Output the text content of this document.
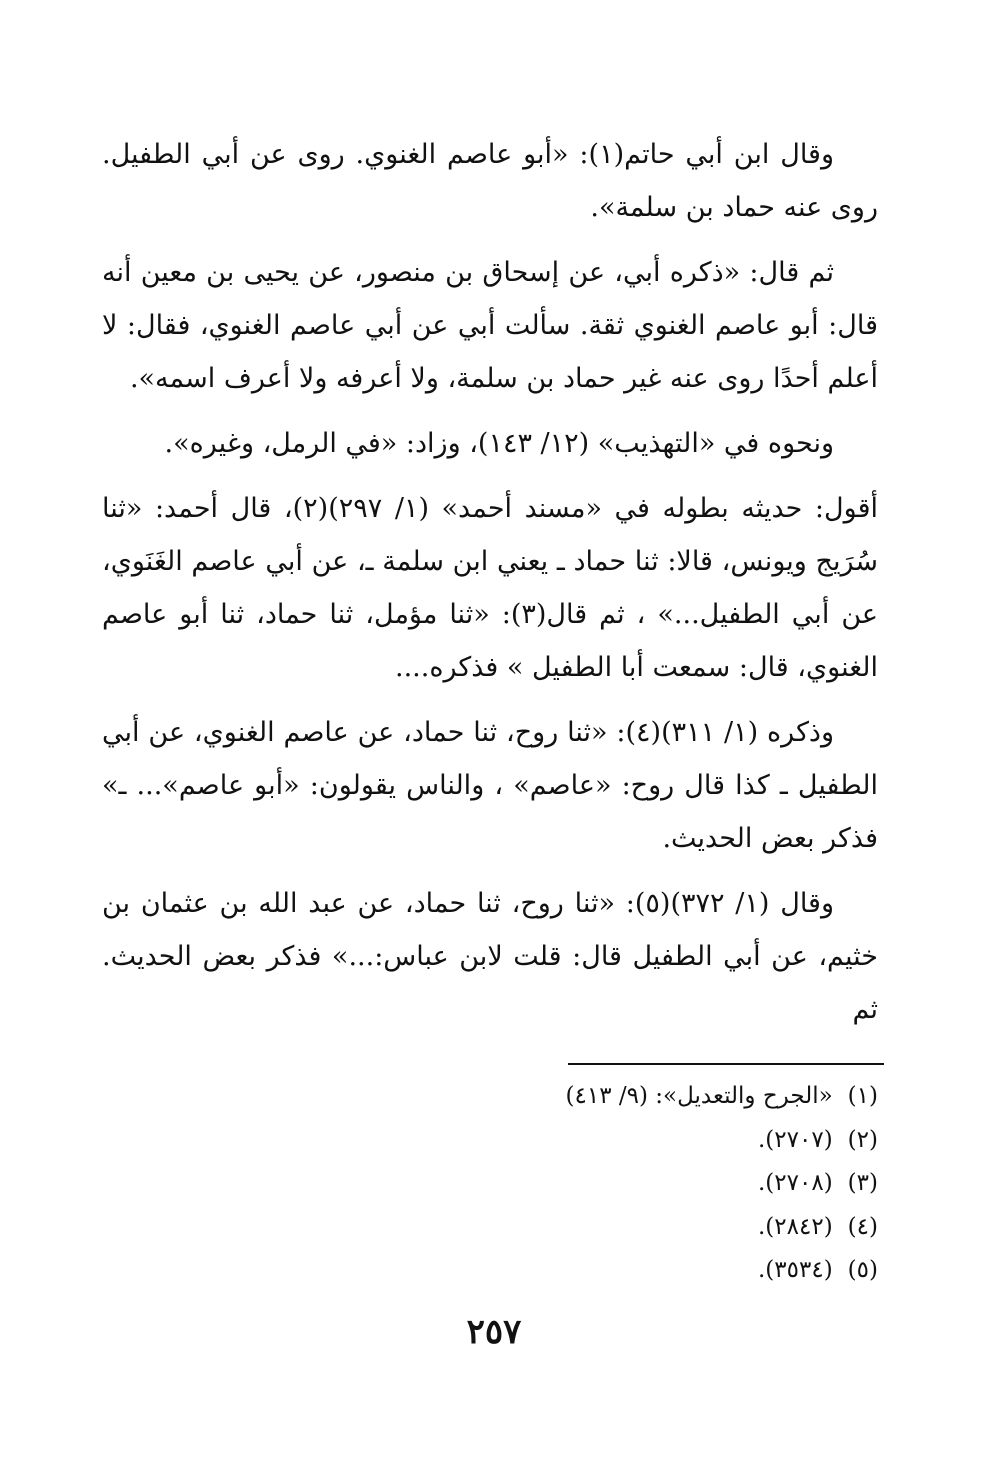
وقال ابن أبي حاتم(١): «أبو عاصم الغنوي. روى عن أبي الطفيل. روى عنه حماد بن سلمة».

ثم قال: «ذكره أبي، عن إسحاق بن منصور، عن يحيى بن معين أنه قال: أبو عاصم الغنوي ثقة. سألت أبي عن أبي عاصم الغنوي، فقال: لا أعلم أحدًا روى عنه غير حماد بن سلمة، ولا أعرفه ولا أعرف اسمه».

ونحوه في «التهذيب» (١٢/ ١٤٣)، وزاد: «في الرمل، وغيره».

أقول: حديثه بطوله في «مسند أحمد» (١/ ٢٩٧)(٢)، قال أحمد: «ثنا سُرَيج ويونس، قالا: ثنا حماد ـ يعني ابن سلمة ـ، عن أبي عاصم الغَنَوي، عن أبي الطفيل...» ، ثم قال(٣): «ثنا مؤمل، ثنا حماد، ثنا أبو عاصم الغنوي، قال: سمعت أبا الطفيل » فذكره....

وذكره (١/ ٣١١)(٤): «ثنا روح، ثنا حماد، عن عاصم الغنوي، عن أبي الطفيل ـ كذا قال روح: «عاصم» ، والناس يقولون: «أبو عاصم»... ـ» فذكر بعض الحديث.

وقال (١/ ٣٧٢)(٥): «ثنا روح، ثنا حماد، عن عبد الله بن عثمان بن خثيم، عن أبي الطفيل قال: قلت لابن عباس:...» فذكر بعض الحديث. ثم

(١) «الجرح والتعديل»: (٩/ ٤١٣)

(٢) (٢٧٠٧).

(٣) (٢٧٠٨).

(٤) (٢٨٤٢).

(٥) (٣٥٣٤).

٢٥٧
